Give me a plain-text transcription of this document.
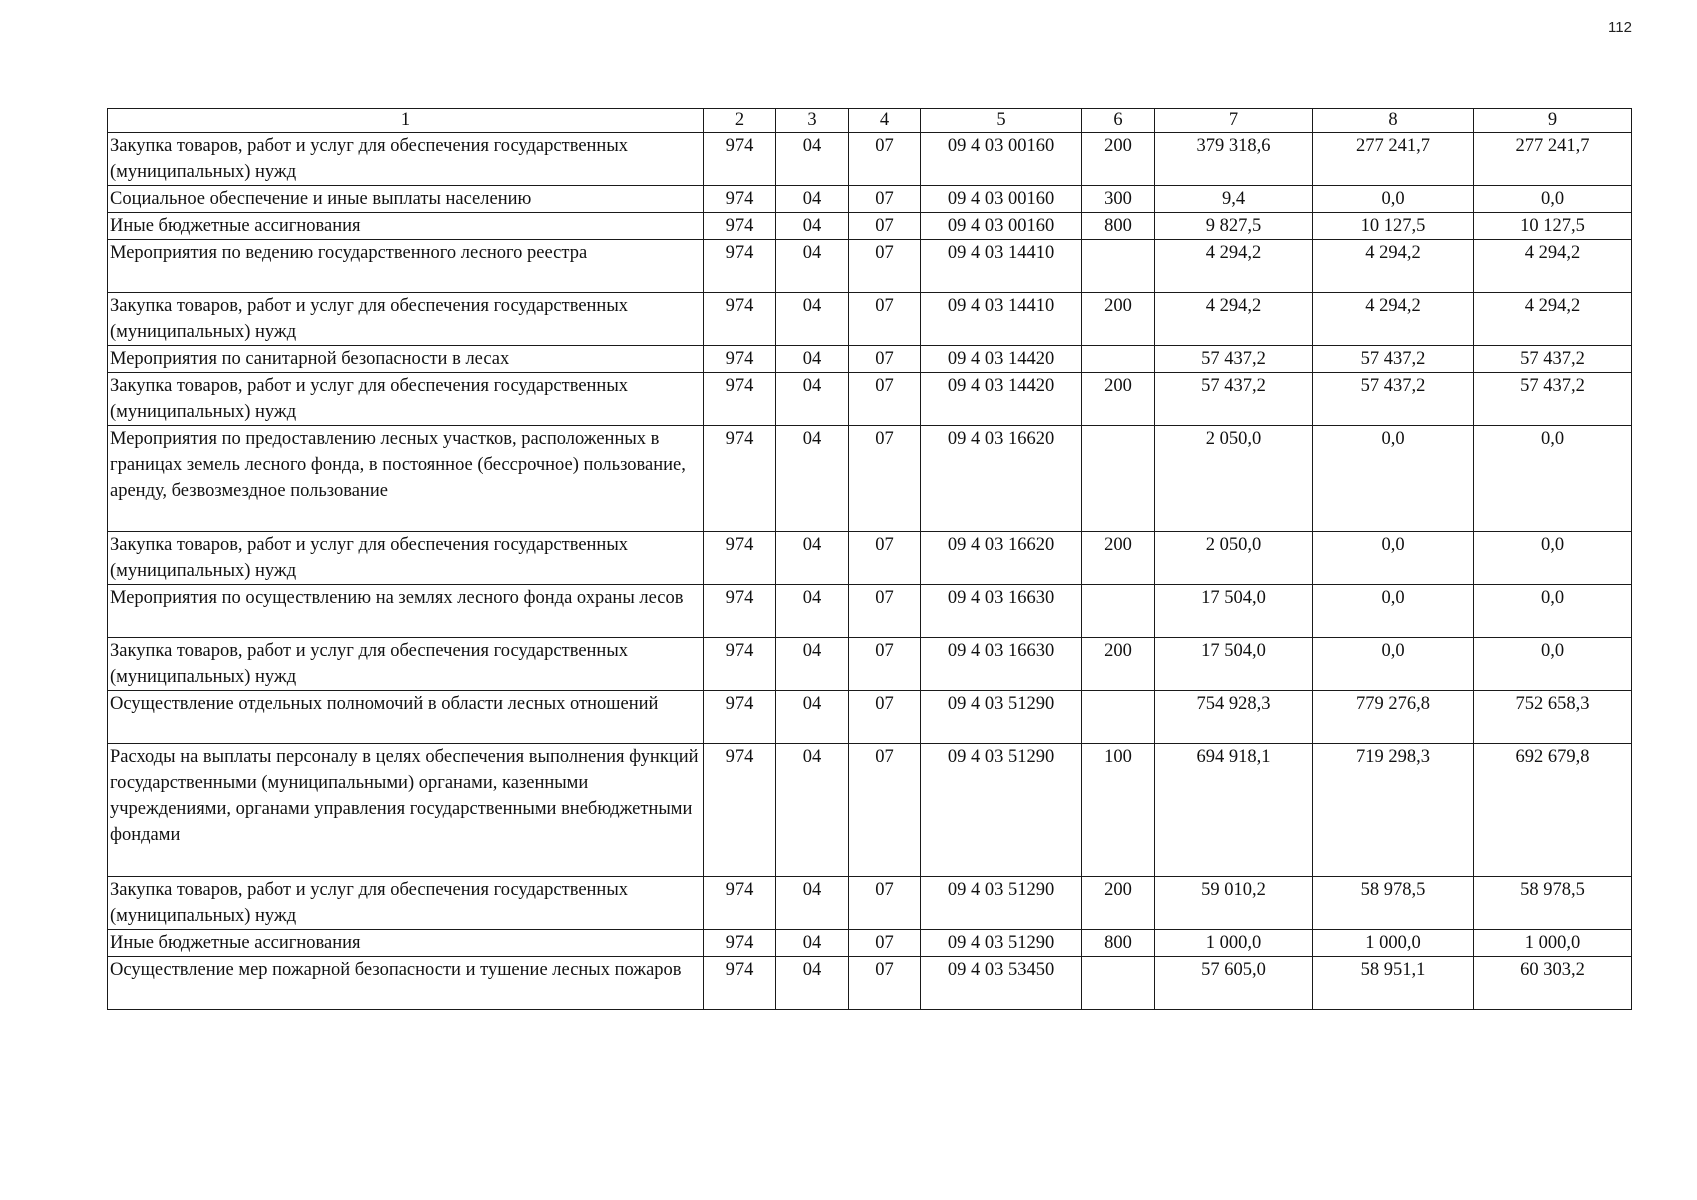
112
1	2	3	4	5	6	7	8	9
Закупка товаров, работ и услуг для обеспечения государственных (муниципальных) нужд	974	04	07	09 4 03 00160	200	379 318,6	277 241,7	277 241,7
Социальное обеспечение и иные выплаты населению	974	04	07	09 4 03 00160	300	9,4	0,0	0,0
Иные бюджетные ассигнования	974	04	07	09 4 03 00160	800	9 827,5	10 127,5	10 127,5
Мероприятия по ведению государственного лесного реестра	974	04	07	09 4 03 14410		4 294,2	4 294,2	4 294,2
Закупка товаров, работ и услуг для обеспечения государственных (муниципальных) нужд	974	04	07	09 4 03 14410	200	4 294,2	4 294,2	4 294,2
Мероприятия по санитарной безопасности в лесах	974	04	07	09 4 03 14420		57 437,2	57 437,2	57 437,2
Закупка товаров, работ и услуг для обеспечения государственных (муниципальных) нужд	974	04	07	09 4 03 14420	200	57 437,2	57 437,2	57 437,2
Мероприятия по предоставлению лесных участков, расположенных в границах земель лесного фонда, в постоянное (бессрочное) пользование, аренду, безвозмездное пользование	974	04	07	09 4 03 16620		2 050,0	0,0	0,0
Закупка товаров, работ и услуг для обеспечения государственных (муниципальных) нужд	974	04	07	09 4 03 16620	200	2 050,0	0,0	0,0
Мероприятия по осуществлению на землях лесного фонда охраны лесов	974	04	07	09 4 03 16630		17 504,0	0,0	0,0
Закупка товаров, работ и услуг для обеспечения государственных (муниципальных) нужд	974	04	07	09 4 03 16630	200	17 504,0	0,0	0,0
Осуществление отдельных полномочий в области лесных отношений	974	04	07	09 4 03 51290		754 928,3	779 276,8	752 658,3
Расходы на выплаты персоналу в целях обеспечения выполнения функций государственными (муниципальными) органами, казенными учреждениями, органами управления государственными внебюджетными фондами	974	04	07	09 4 03 51290	100	694 918,1	719 298,3	692 679,8
Закупка товаров, работ и услуг для обеспечения государственных (муниципальных) нужд	974	04	07	09 4 03 51290	200	59 010,2	58 978,5	58 978,5
Иные бюджетные ассигнования	974	04	07	09 4 03 51290	800	1 000,0	1 000,0	1 000,0
Осуществление мер пожарной безопасности и тушение лесных пожаров	974	04	07	09 4 03 53450		57 605,0	58 951,1	60 303,2
